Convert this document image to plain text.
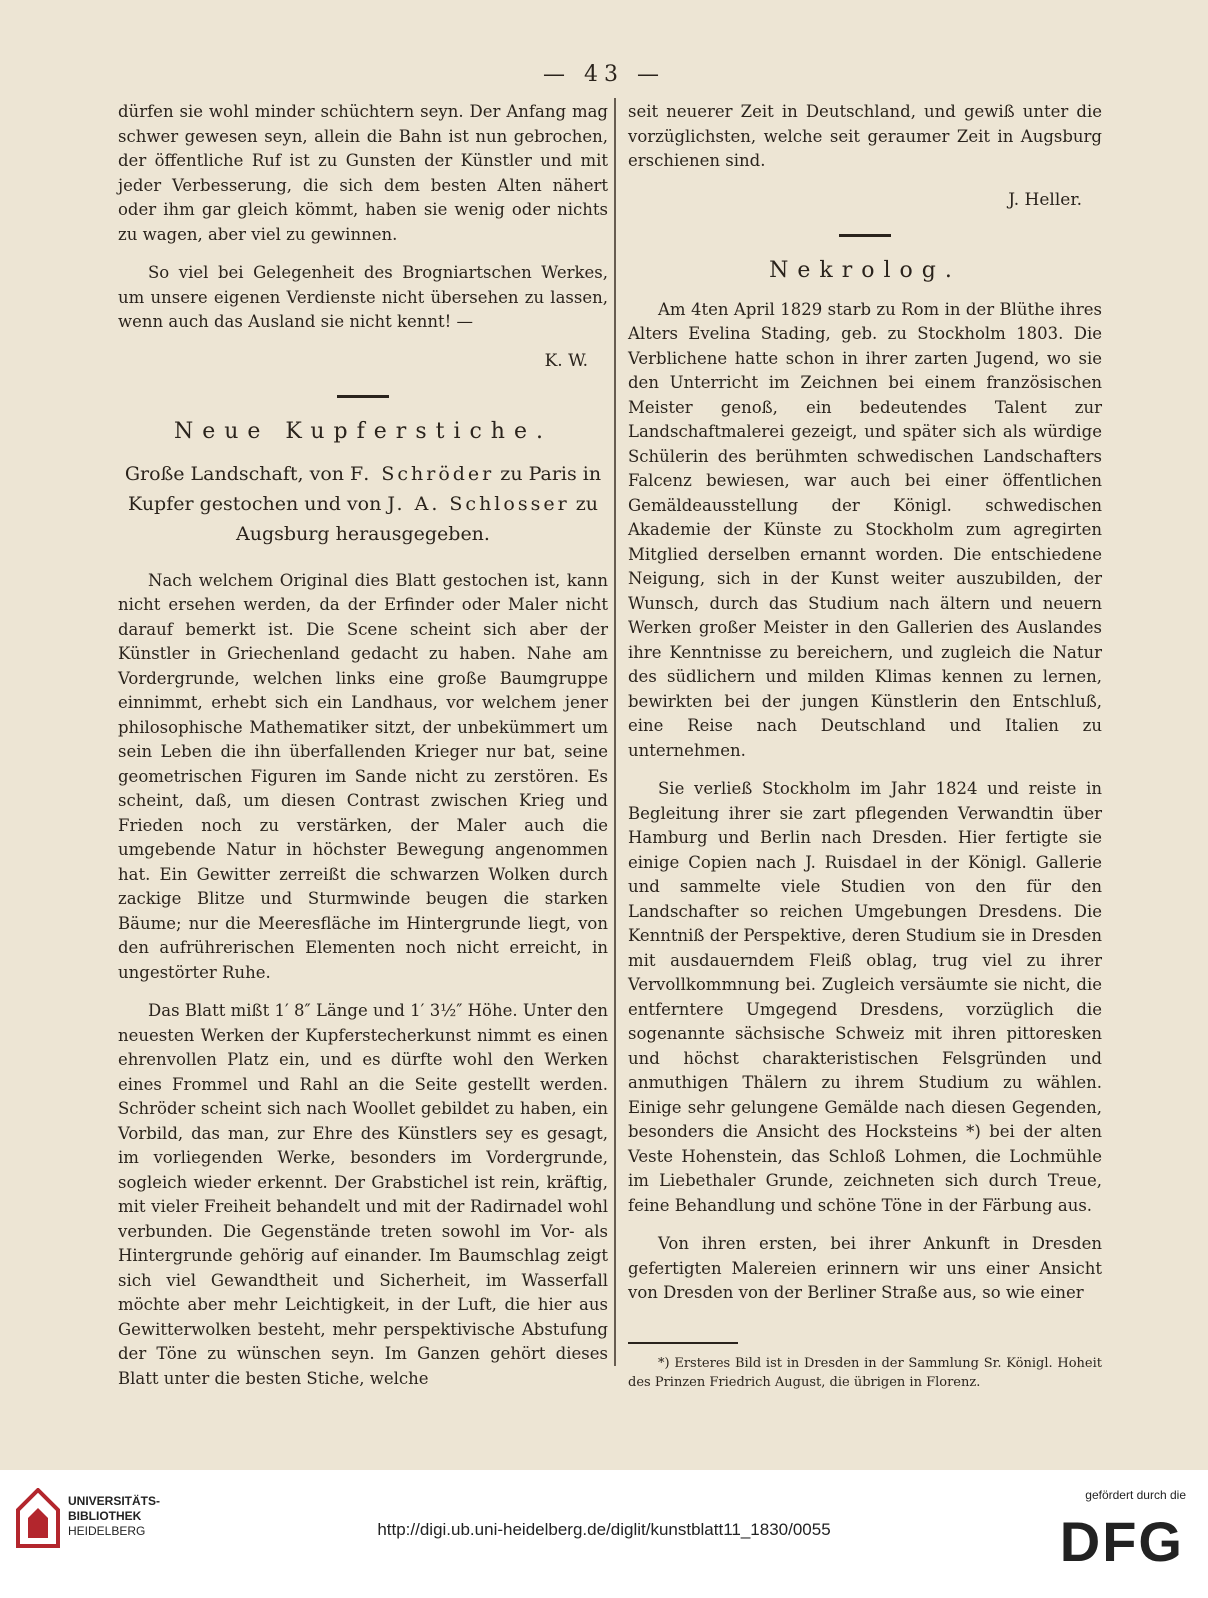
— 43 —

dürfen sie wohl minder schüchtern seyn. Der Anfang mag schwer gewesen seyn, allein die Bahn ist nun gebrochen, der öffentliche Ruf ist zu Gunsten der Künstler und mit jeder Verbesserung, die sich dem besten Alten nähert oder ihm gar gleich kömmt, haben sie wenig oder nichts zu wagen, aber viel zu gewinnen.

So viel bei Gelegenheit des Brogniartschen Werkes, um unsere eigenen Verdienste nicht übersehen zu lassen, wenn auch das Ausland sie nicht kennt! —

K. W.
Neue Kupferstiche.
Große Landschaft, von F. Schröder zu Paris in Kupfer gestochen und von J. A. Schlosser zu Augsburg herausgegeben.

Nach welchem Original dies Blatt gestochen ist, kann nicht ersehen werden, da der Erfinder oder Maler nicht darauf bemerkt ist. Die Scene scheint sich aber der Künstler in Griechenland gedacht zu haben. Nahe am Vordergrunde, welchen links eine große Baumgruppe einnimmt, erhebt sich ein Landhaus, vor welchem jener philosophische Mathematiker sitzt, der unbekümmert um sein Leben die ihn überfallenden Krieger nur bat, seine geometrischen Figuren im Sande nicht zu zerstören. Es scheint, daß, um diesen Contrast zwischen Krieg und Frieden noch zu verstärken, der Maler auch die umgebende Natur in höchster Bewegung angenommen hat. Ein Gewitter zerreißt die schwarzen Wolken durch zackige Blitze und Sturmwinde beugen die starken Bäume; nur die Meeresfläche im Hintergrunde liegt, von den aufrührerischen Elementen noch nicht erreicht, in ungestörter Ruhe.

Das Blatt mißt 1′ 8″ Länge und 1′ 3½″ Höhe. Unter den neuesten Werken der Kupferstecherkunst nimmt es einen ehrenvollen Platz ein, und es dürfte wohl den Werken eines Frommel und Rahl an die Seite gestellt werden. Schröder scheint sich nach Woollet gebildet zu haben, ein Vorbild, das man, zur Ehre des Künstlers sey es gesagt, im vorliegenden Werke, besonders im Vordergrunde, sogleich wieder erkennt. Der Grabstichel ist rein, kräftig, mit vieler Freiheit behandelt und mit der Radirnadel wohl verbunden. Die Gegenstände treten sowohl im Vor- als Hintergrunde gehörig auf einander. Im Baumschlag zeigt sich viel Gewandtheit und Sicherheit, im Wasserfall möchte aber mehr Leichtigkeit, in der Luft, die hier aus Gewitterwolken besteht, mehr perspektivische Abstufung der Töne zu wünschen seyn. Im Ganzen gehört dieses Blatt unter die besten Stiche, welche

seit neuerer Zeit in Deutschland, und gewiß unter die vorzüglichsten, welche seit geraumer Zeit in Augsburg erschienen sind.

J. Heller.
Nekrolog.

Am 4ten April 1829 starb zu Rom in der Blüthe ihres Alters Evelina Stading, geb. zu Stockholm 1803. Die Verblichene hatte schon in ihrer zarten Jugend, wo sie den Unterricht im Zeichnen bei einem französischen Meister genoß, ein bedeutendes Talent zur Landschaftmalerei gezeigt, und später sich als würdige Schülerin des berühmten schwedischen Landschafters Falcenz bewiesen, war auch bei einer öffentlichen Gemäldeausstellung der Königl. schwedischen Akademie der Künste zu Stockholm zum agregirten Mitglied derselben ernannt worden. Die entschiedene Neigung, sich in der Kunst weiter auszubilden, der Wunsch, durch das Studium nach ältern und neuern Werken großer Meister in den Gallerien des Auslandes ihre Kenntnisse zu bereichern, und zugleich die Natur des südlichern und milden Klimas kennen zu lernen, bewirkten bei der jungen Künstlerin den Entschluß, eine Reise nach Deutschland und Italien zu unternehmen.

Sie verließ Stockholm im Jahr 1824 und reiste in Begleitung ihrer sie zart pflegenden Verwandtin über Hamburg und Berlin nach Dresden. Hier fertigte sie einige Copien nach J. Ruisdael in der Königl. Gallerie und sammelte viele Studien von den für den Landschafter so reichen Umgebungen Dresdens. Die Kenntniß der Perspektive, deren Studium sie in Dresden mit ausdauerndem Fleiß oblag, trug viel zu ihrer Vervollkommnung bei. Zugleich versäumte sie nicht, die entferntere Umgegend Dresdens, vorzüglich die sogenannte sächsische Schweiz mit ihren pittoresken und höchst charakteristischen Felsgründen und anmuthigen Thälern zu ihrem Studium zu wählen. Einige sehr gelungene Gemälde nach diesen Gegenden, besonders die Ansicht des Hocksteins *) bei der alten Veste Hohenstein, das Schloß Lohmen, die Lochmühle im Liebethaler Grunde, zeichneten sich durch Treue, feine Behandlung und schöne Töne in der Färbung aus.

Von ihren ersten, bei ihrer Ankunft in Dresden gefertigten Malereien erinnern wir uns einer Ansicht von Dresden von der Berliner Straße aus, so wie einer

*) Ersteres Bild ist in Dresden in der Sammlung Sr. Königl. Hoheit des Prinzen Friedrich August, die übrigen in Florenz.

UNIVERSITÄTS-
BIBLIOTHEK
HEIDELBERG	http://digi.ub.uni-heidelberg.de/diglit/kunstblatt11_1830/0055
gefördert durch die
DFG
